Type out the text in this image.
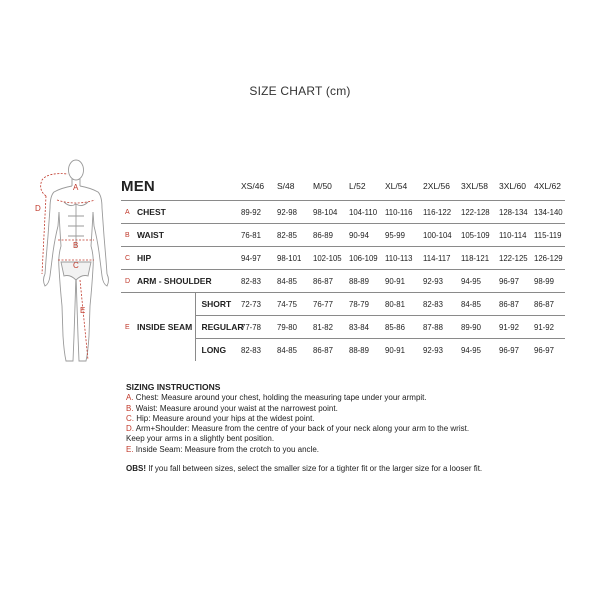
SIZE CHART (cm)
A
B
C
D
E
MEN			XS/46	S/48	M/50	L/52	XL/54	2XL/56	3XL/58	3XL/60	4XL/62
A	CHEST		89-92	92-98	98-104	104-110	110-116	116-122	122-128	128-134	134-140
B	WAIST		76-81	82-85	86-89	90-94	95-99	100-104	105-109	110-114	115-119
C	HIP		94-97	98-101	102-105	106-109	110-113	114-117	118-121	122-125	126-129
D	ARM - SHOULDER		82-83	84-85	86-87	88-89	90-91	92-93	94-95	96-97	98-99
E	INSIDE SEAM	SHORT	72-73	74-75	76-77	78-79	80-81	82-83	84-85	86-87	86-87
		REGULAR	77-78	79-80	81-82	83-84	85-86	87-88	89-90	91-92	91-92
		LONG	82-83	84-85	86-87	88-89	90-91	92-93	94-95	96-97	96-97
SIZING INSTRUCTIONS
A. Chest: Measure around your chest, holding the measuring tape under your armpit.
B. Waist: Measure around your waist at the narrowest point.
C. Hip: Measure around your hips at the widest point.
D. Arm+Shoulder: Measure from the centre of your back of your neck along your arm to the wrist.
Keep your arms in a slightly bent position.
E. Inside Seam: Measure from the crotch to you ancle.
OBS! If you fall between sizes, select the smaller size for a tighter fit or the larger size for a looser fit.
